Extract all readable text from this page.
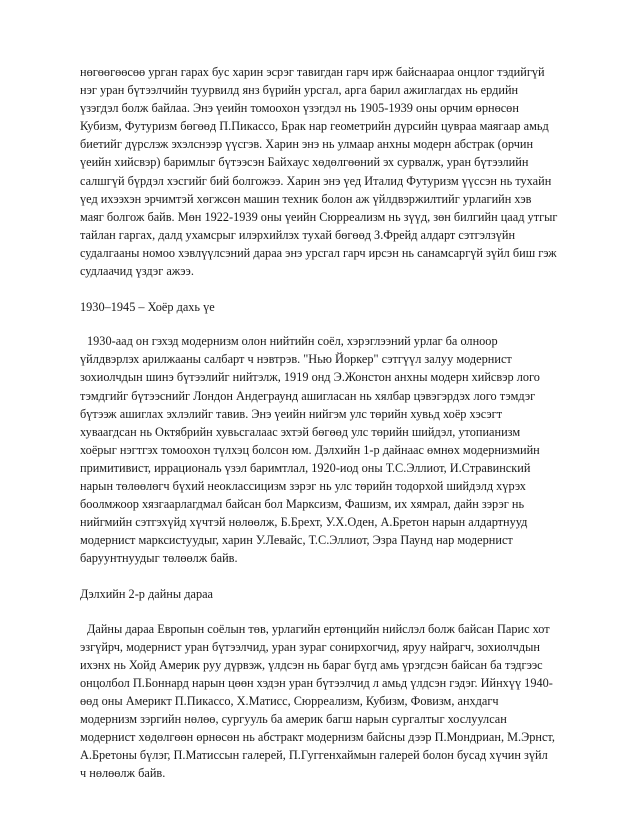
нөгөөгөөсөө урган гарах бус харин эсрэг тавигдан гарч ирж байснаараа онцлог тэдийгүй
нэг уран бүтээлчийн туурвилд янз бүрийн урсгал, арга барил ажиглагдах нь ердийн
үзэгдэл болж байлаа. Энэ үеийн томоохон үзэгдэл нь 1905-1939 оны орчим өрнөсөн
Кубизм, Футуризм бөгөөд П.Пикассо, Брак нар геометрийн дүрсийн цувраа маягаар амьд
биетийг дүрслэж эхэлснээр үүсгэв. Харин энэ нь улмаар анхны модерн абстрак (орчин
үеийн хийсвэр) баримлыг бүтээсэн Байхаус хөдөлгөөний эх сурвалж, уран бүтээлийн
салшгүй бүрдэл хэсгийг бий болгожээ. Харин энэ үед Италид Футуризм үүссэн нь тухайн
үед ихээхэн эрчимтэй хөгжсөн машин техник болон аж үйлдвэржилтийг урлагийн хэв
маяг болгож байв. Мөн 1922-1939 оны үеийн Сюрреализм нь зүүд, зөн билгийн цаад утгыг
тайлан гаргах, далд ухамсрыг илэрхийлэх тухай бөгөөд З.Фрейд алдарт сэтгэлзүйн
судалгааны номоо хэвлүүлсэний дараа энэ урсгал гарч ирсэн нь санамсаргүй зүйл биш гэж
судлаачид үздэг ажээ.
1930–1945 – Хоёр дахь үе
1930-аад он гэхэд модернизм олон нийтийн соёл, хэрэглээний урлаг ба олноор
үйлдвэрлэх арилжааны салбарт ч нэвтрэв. "Нью Йоркер" сэтгүүл залуу модернист
зохиолчдын шинэ бүтээлийг нийтэлж, 1919 онд Э.Жонстон анхны модерн хийсвэр лого
тэмдгийг бүтээснийг Лондон Андеграунд ашигласан нь хялбар цэвэгэрдэх лого тэмдэг
бүтээж ашиглах эхлэлийг тавив. Энэ үеийн нийгэм улс төрийн хувьд хоёр хэсэгт
хуваагдсан нь Октябрийн хувьсгалаас эхтэй бөгөөд улс төрийн шийдэл, утопианизм
хоёрыг нэгтгэх томоохон түлхэц болсон юм. Дэлхийн 1-р дайнаас өмнөх модернизмийн
примитивист, иррациональ үзэл баримтлал, 1920-иод оны Т.С.Эллиот, И.Стравинский
нарын төлөөлөгч бүхий неоклассицизм зэрэг нь улс төрийн тодорхой шийдэлд хүрэх
боолмжоор хязгаарлагдмал байсан бол Марксизм, Фашизм, их хямрал, дайн зэрэг нь
нийгмийн сэтгэхүйд хүчтэй нөлөөлж, Б.Брехт, У.Х.Оден, А.Бретон нарын алдартнууд
модернист марксистуудыг, харин У.Левайс, Т.С.Эллиот, Эзра Паунд нар модернист
баруунтнуудыг төлөөлж байв.
Дэлхийн 2-р дайны дараа
Дайны дараа Европын соёлын төв, урлагийн ертөнцийн нийслэл болж байсан Парис хот
эзгүйрч, модернист уран бүтээлчид, уран зураг сонирхогчид, яруу найрагч, зохиолчдын
ихэнх нь Хойд Америк руу дүрвэж, үлдсэн нь бараг бүгд амь үрэгдсэн байсан ба тэдгээс
онцолбол П.Боннард нарын цөөн хэдэн уран бүтээлчид л амьд үлдсэн гэдэг. Ийнхүү 1940-
өөд оны Америкт П.Пикассо, Х.Матисс, Сюрреализм, Кубизм, Фовизм, анхдагч
модернизм зэргийн нөлөө, сургууль ба америк багш нарын сургалтыг хослуулсан
модернист хөдөлгөөн өрнөсөн нь абстракт модернизм байсны дээр П.Мондриан, М.Эрнст,
А.Бретоны бүлэг, П.Матиссын галерей, П.Гуггенхаймын галерей болон бусад хүчин зүйл
ч нөлөөлж байв.
